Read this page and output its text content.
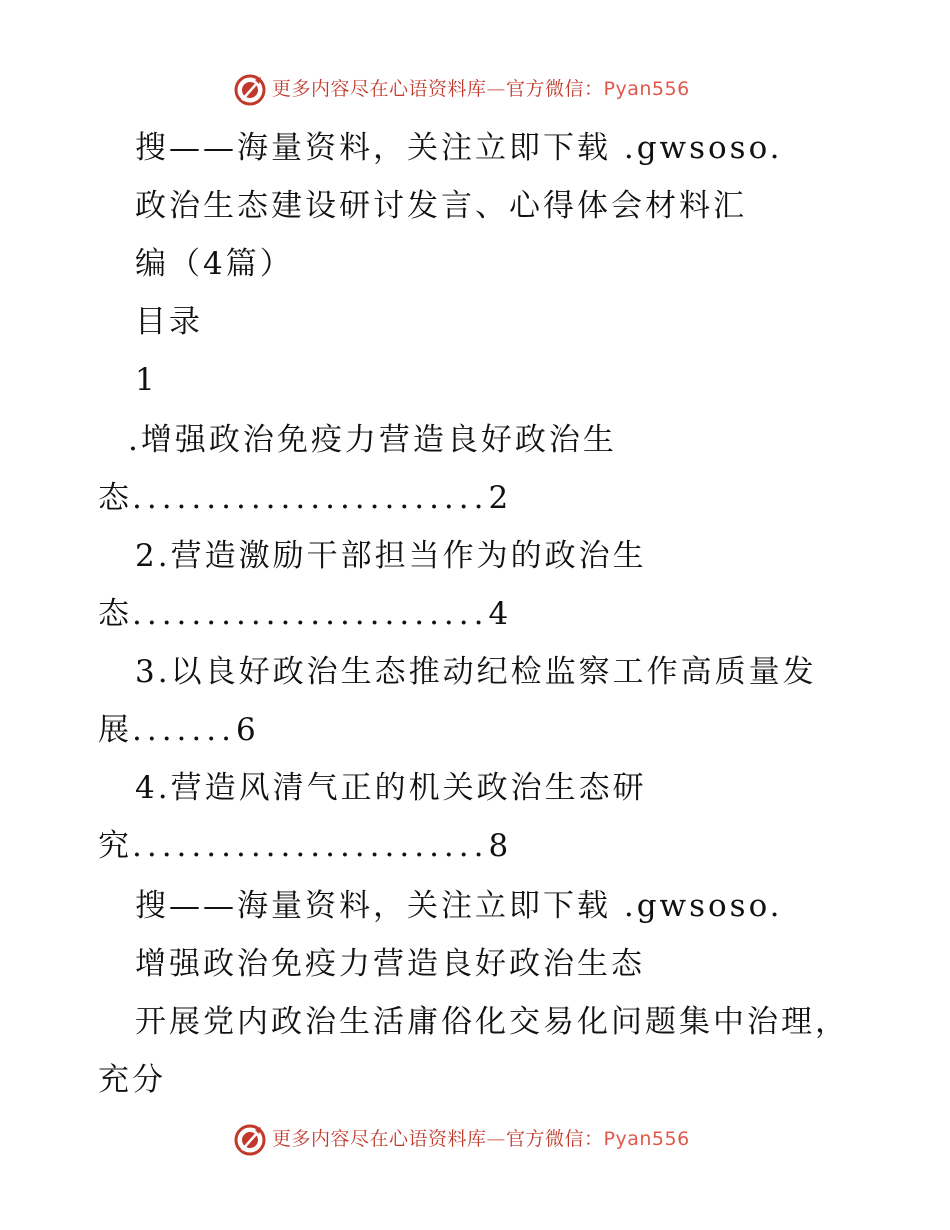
更多内容尽在心语资料库—官方微信：Pyan556
搜——海量资料，关注立即下载 .gwsoso.
政治生态建设研讨发言、心得体会材料汇
编（4篇）
目录
1
.增强政治免疫力营造良好政治生
态........................2
2.营造激励干部担当作为的政治生
态........................4
3.以良好政治生态推动纪检监察工作高质量发
展.......6
4.营造风清气正的机关政治生态研
究........................8
搜——海量资料，关注立即下载 .gwsoso.
增强政治免疫力营造良好政治生态
开展党内政治生活庸俗化交易化问题集中治理，
充分
更多内容尽在心语资料库—官方微信：Pyan556
